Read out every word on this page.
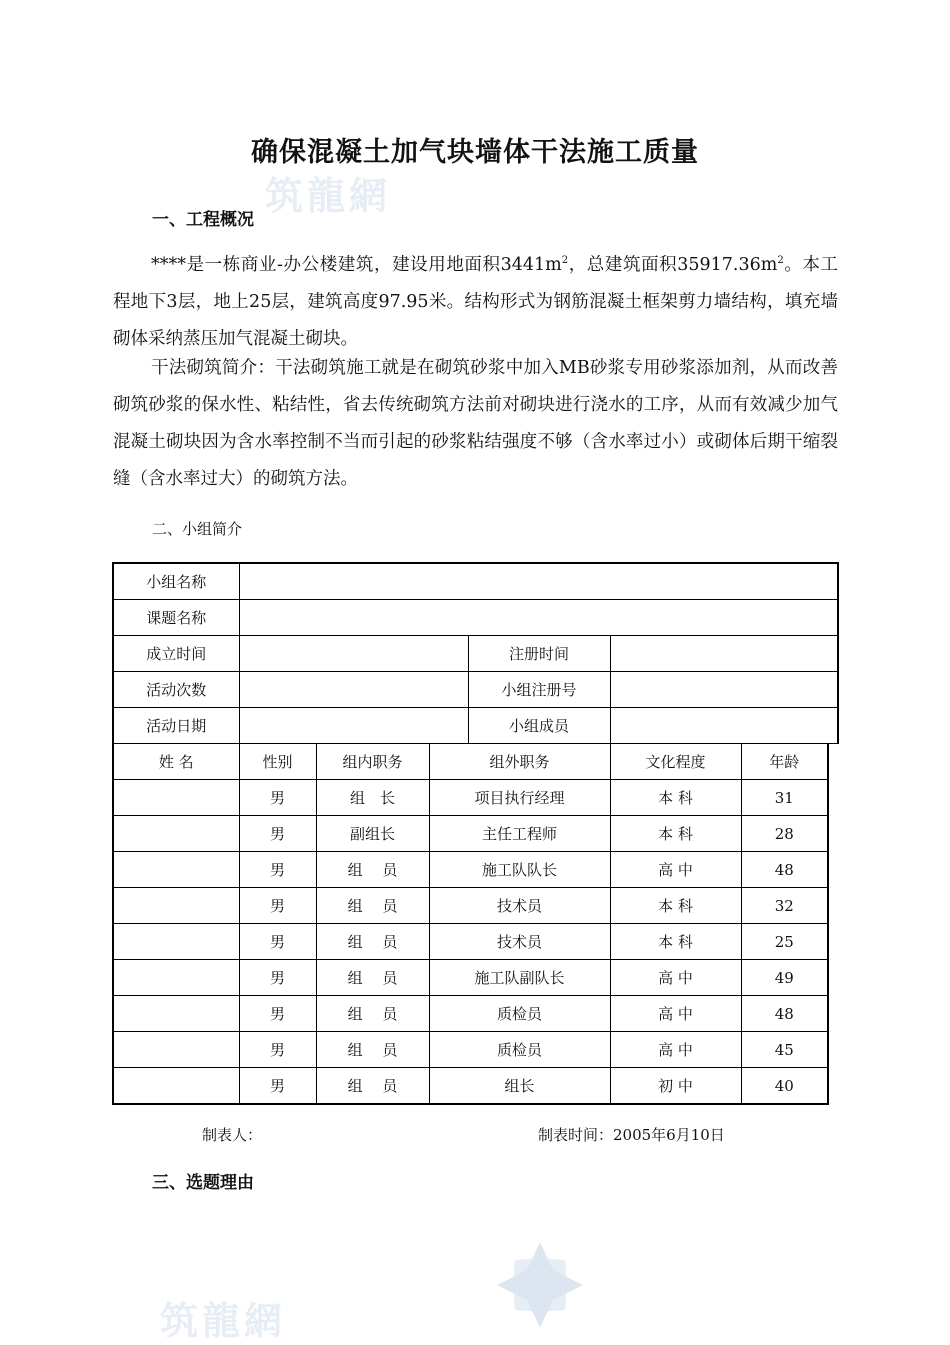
筑龍網
确保混凝土加气块墙体干法施工质量
一、工程概况
****是一栋商业-办公楼建筑，建设用地面积$3441m^2$，总建筑面积$35917.36m^2$。本工程地下3层，地上25层，建筑高度97.95米。结构形式为钢筋混凝土框架剪力墙结构，填充墙砌体采纳蒸压加气混凝土砌块。
干法砌筑简介：干法砌筑施工就是在砌筑砂浆中加入MB砂浆专用砂浆添加剂，从而改善砌筑砂浆的保水性、粘结性，省去传统砌筑方法前对砌块进行浇水的工序，从而有效减少加气混凝土砌块因为含水率控制不当而引起的砂浆粘结强度不够（含水率过小）或砌体后期干缩裂缝（含水率过大）的砌筑方法。
二、小组简介
小组名称							
课题名称							
成立时间				注册时间			
活动次数				小组注册号			
活动日期				小组成员			
姓 名	性别	组内职务	组外职务		文化程度	年龄	
	男	组　长	项目执行经理		本 科	31	
	男	副组长	主任工程师		本 科	28	
	男	组　 员	施工队队长		高 中	48	
	男	组　 员	技术员		本 科	32	
	男	组　 员	技术员		本 科	25	
	男	组　 员	施工队副队长		高 中	49	
	男	组　 员	质检员		高 中	48	
	男	组　 员	质检员		高 中	45	
	男	组　 员	组长		初 中	40	
制表人：	制表时间：2005年6月10日
三、选题理由
筑龍網
